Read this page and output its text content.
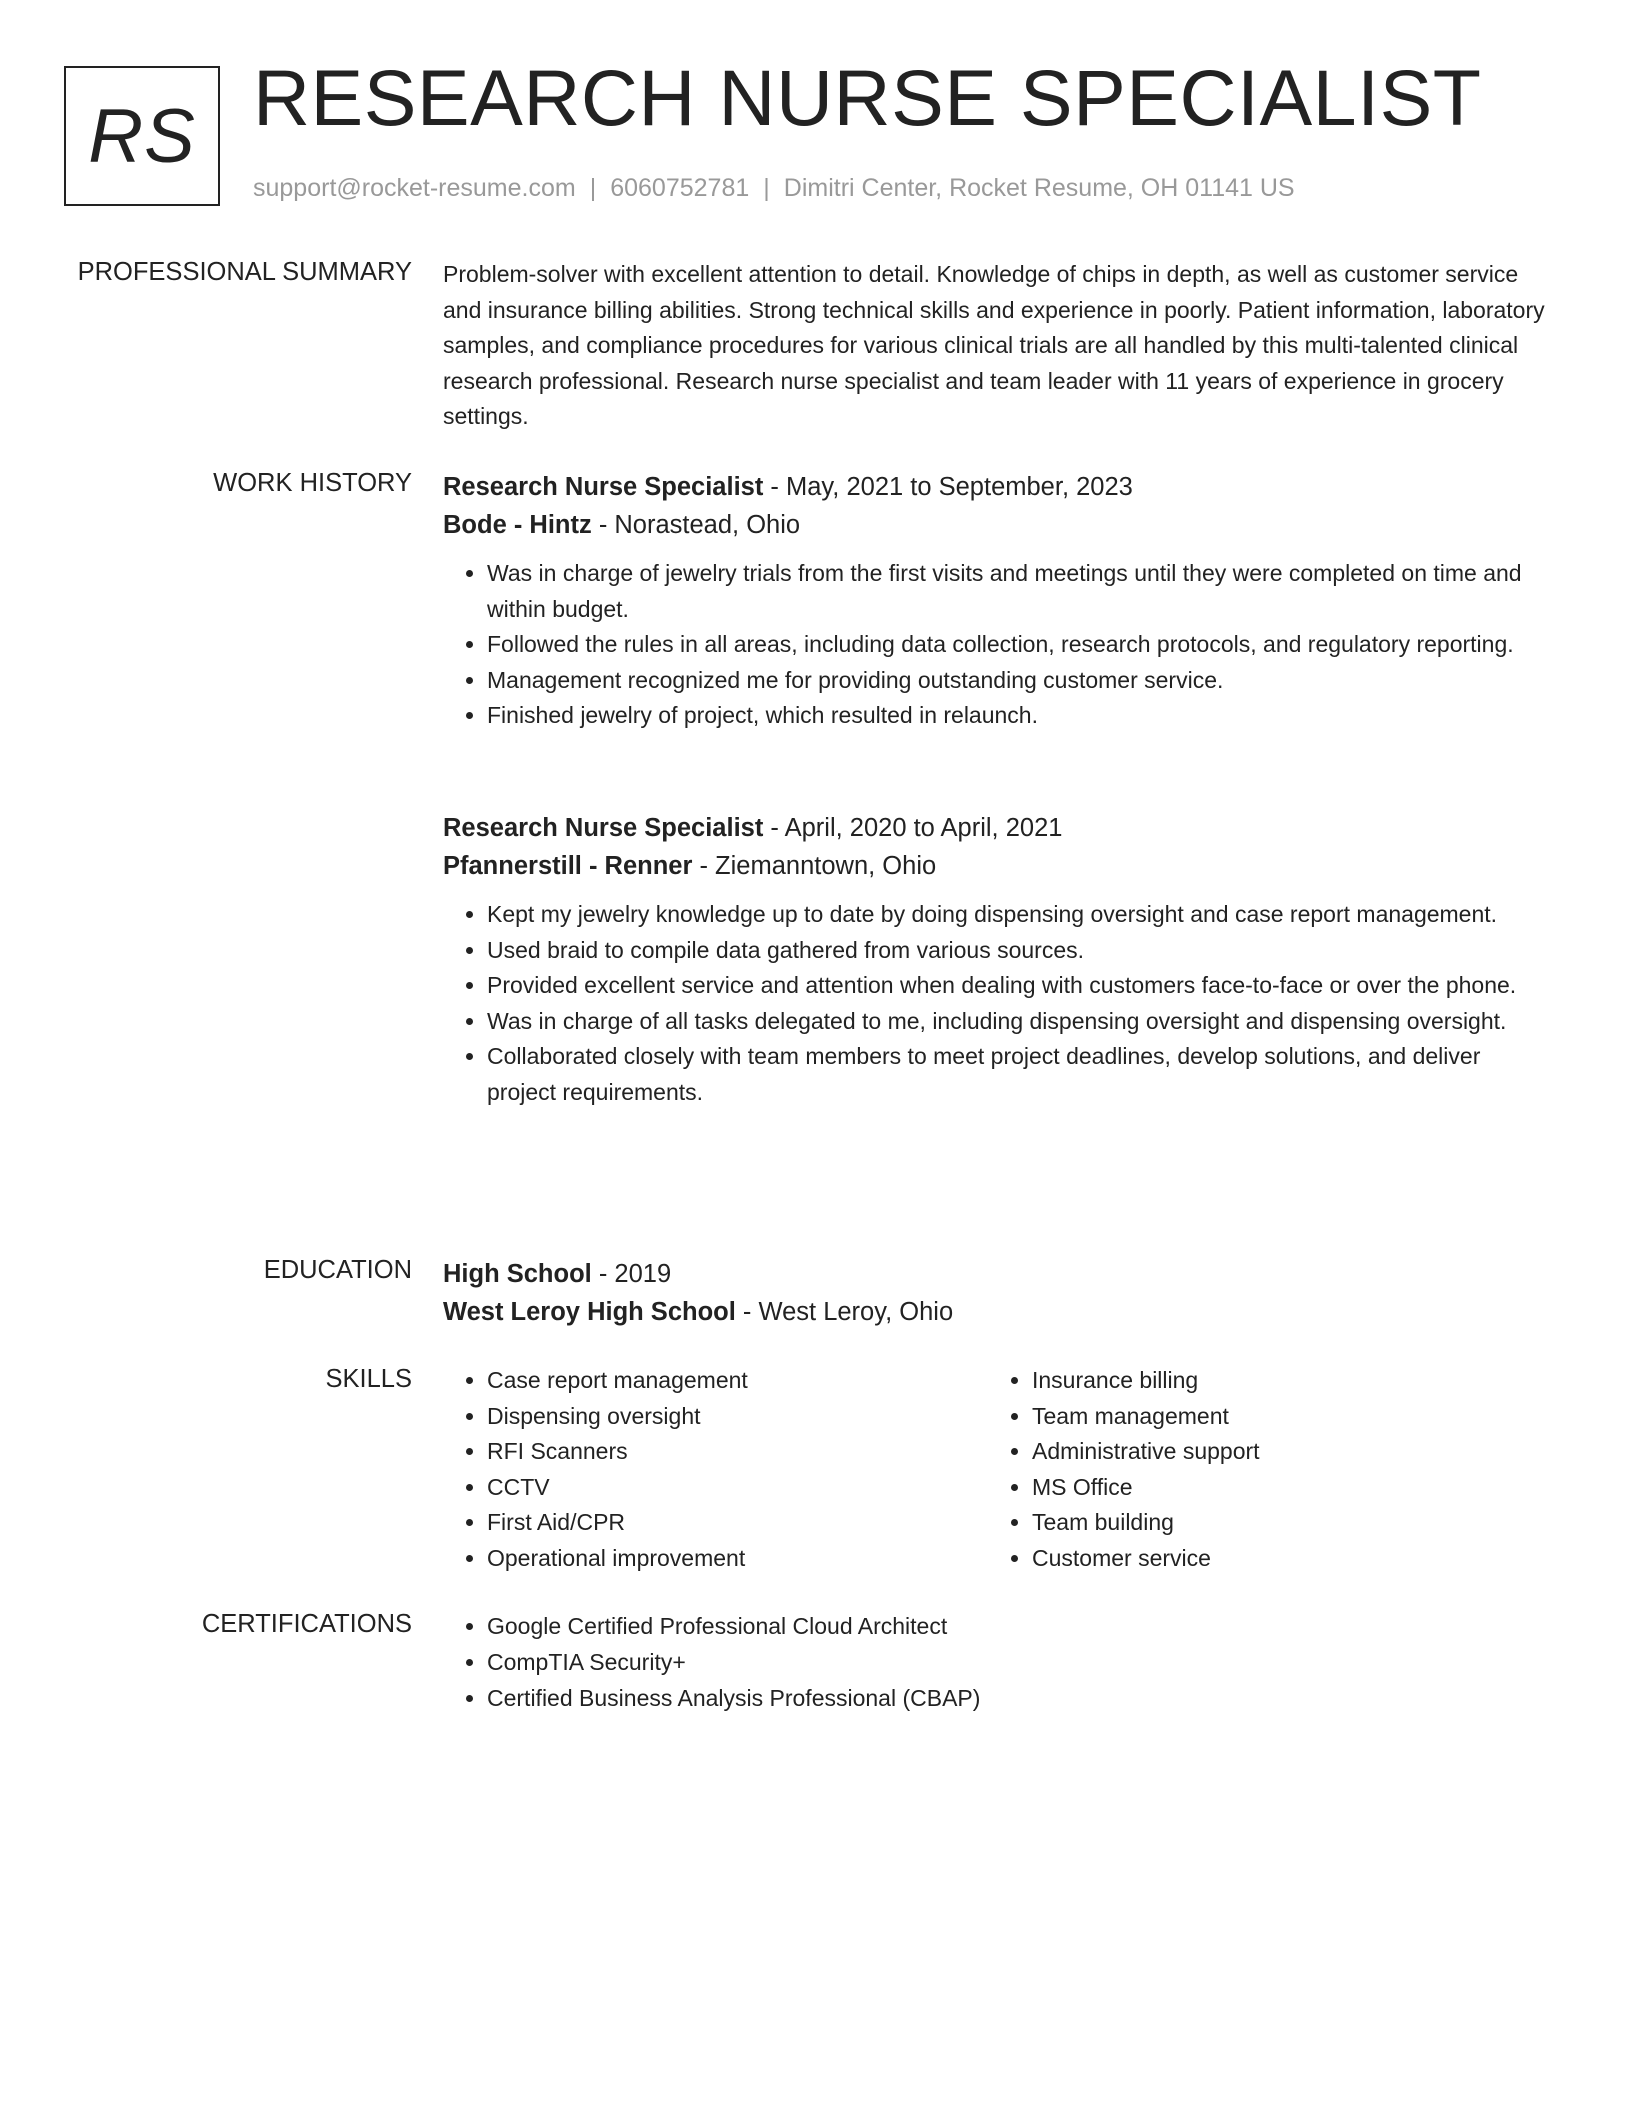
RS RESEARCH NURSE SPECIALIST
support@rocket-resume.com | 6060752781 | Dimitri Center, Rocket Resume, OH 01141 US
PROFESSIONAL SUMMARY Problem-solver with excellent attention to detail. Knowledge of chips in depth, as well as customer service and insurance billing abilities. Strong technical skills and experience in poorly. Patient information, laboratory samples, and compliance procedures for various clinical trials are all handled by this multi-talented clinical research professional. Research nurse specialist and team leader with 11 years of experience in grocery settings.

WORK HISTORY Research Nurse Specialist - May, 2021 to September, 2023
Bode - Hintz - Norastead, Ohio
• Was in charge of jewelry trials from the first visits and meetings until they were completed on time and within budget.
• Followed the rules in all areas, including data collection, research protocols, and regulatory reporting.
• Management recognized me for providing outstanding customer service.
• Finished jewelry of project, which resulted in relaunch.
Research Nurse Specialist - April, 2020 to April, 2021
Pfannerstill - Renner - Ziemanntown, Ohio
• Kept my jewelry knowledge up to date by doing dispensing oversight and case report management.
• Used braid to compile data gathered from various sources.
• Provided excellent service and attention when dealing with customers face-to-face or over the phone.
• Was in charge of all tasks delegated to me, including dispensing oversight and dispensing oversight.
• Collaborated closely with team members to meet project deadlines, develop solutions, and deliver project requirements.
EDUCATION High School - 2019
West Leroy High School - West Leroy, Ohio
SKILLS	• Case report management
• Dispensing oversight
• RFI Scanners
• CCTV
• First Aid/CPR
• Operational improvement
• Insurance billing
• Team management
• Administrative support
• MS Office
• Team building
• Customer service
CERTIFICATIONS	• Google Certified Professional Cloud Architect
• CompTIA Security+
• Certified Business Analysis Professional (CBAP)
